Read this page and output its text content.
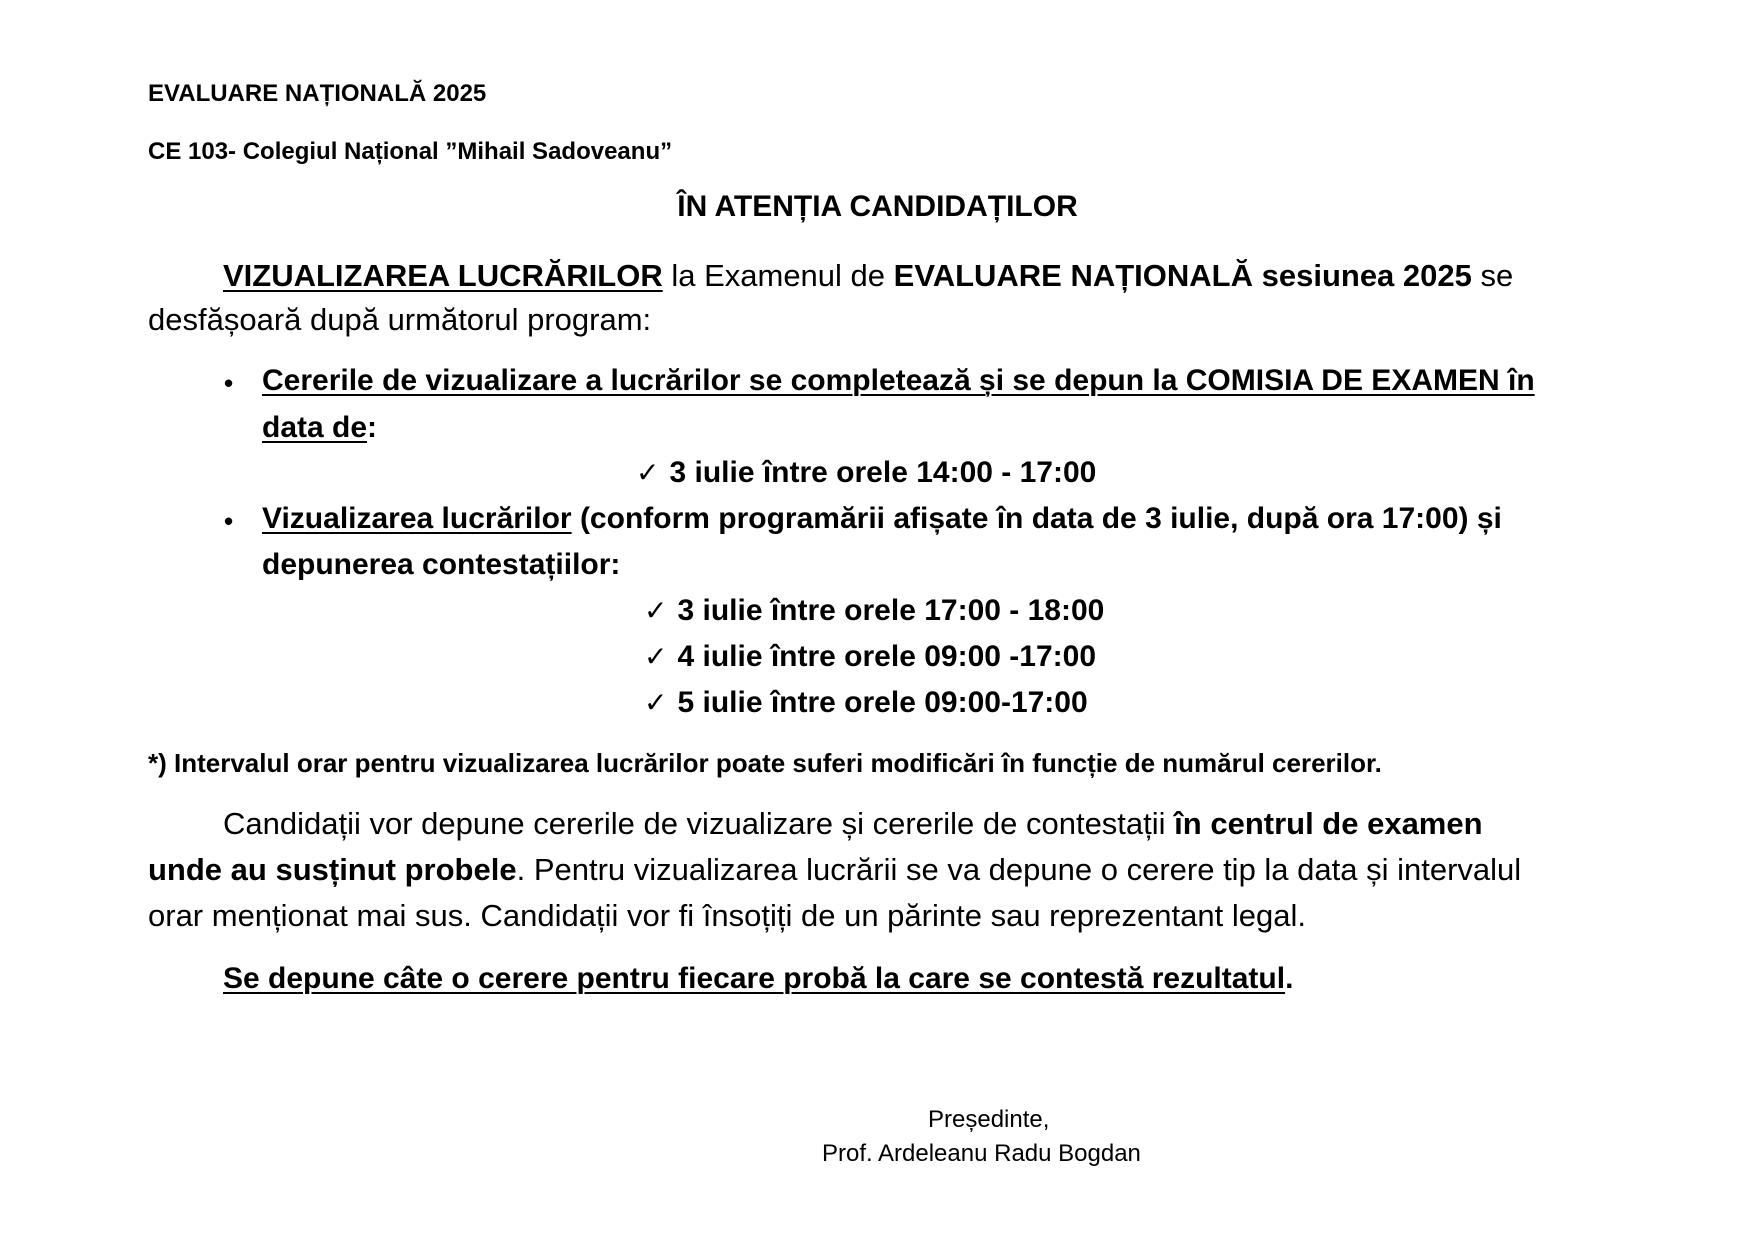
EVALUARE NAȚIONALĂ 2025
CE 103- Colegiul Național ”Mihail Sadoveanu”
ÎN ATENȚIA CANDIDAȚILOR
VIZUALIZAREA LUCRĂRILOR la Examenul de EVALUARE NAȚIONALĂ sesiunea 2025 se
desfășoară după următorul program:
• Cererile de vizualizare a lucrărilor se completează și se depun la COMISIA DE EXAMEN în
data de:
✓ 3 iulie între orele 14:00 - 17:00
• Vizualizarea lucrărilor (conform programării afișate în data de 3 iulie, după ora 17:00) și
depunerea contestațiilor:
✓ 3 iulie între orele 17:00 - 18:00
✓ 4 iulie între orele 09:00 -17:00
✓ 5 iulie între orele 09:00-17:00
*) Intervalul orar pentru vizualizarea lucrărilor poate suferi modificări în funcție de numărul cererilor.
Candidații vor depune cererile de vizualizare și cererile de contestații în centrul de examen
unde au susținut probele. Pentru vizualizarea lucrării se va depune o cerere tip la data și intervalul
orar menționat mai sus. Candidații vor fi însoțiți de un părinte sau reprezentant legal.
Se depune câte o cerere pentru fiecare probă la care se contestă rezultatul.
Președinte,
Prof. Ardeleanu Radu Bogdan
